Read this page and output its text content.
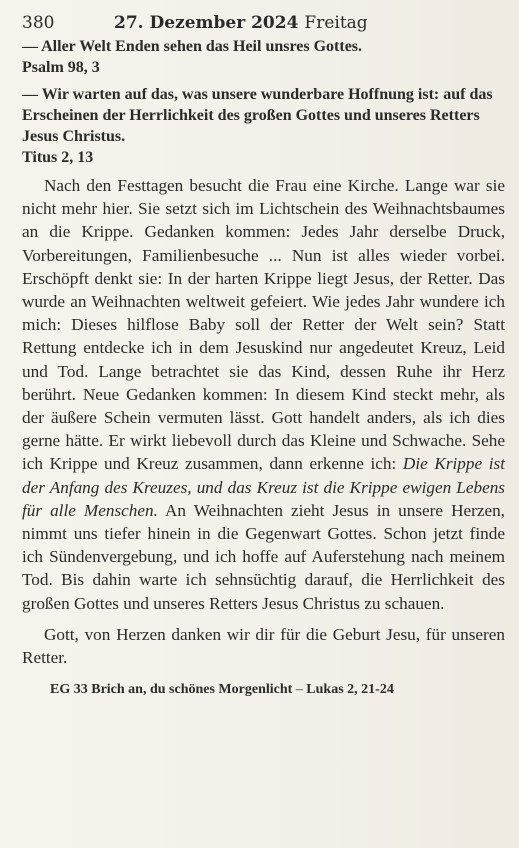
380	27. Dezember 2024 Freitag

— Aller Welt Enden sehen das Heil unsres Gottes.
Psalm 98, 3

— Wir warten auf das, was unsere wunderbare Hoffnung ist: auf das Erscheinen der Herrlichkeit des großen Gottes und unseres Retters Jesus Christus.
Titus 2, 13

Nach den Festtagen besucht die Frau eine Kirche. Lange war sie nicht mehr hier. Sie setzt sich im Lichtschein des Weihnachtsbaumes an die Krippe. Gedanken kommen: Jedes Jahr derselbe Druck, Vorbereitungen, Familienbesuche ... Nun ist alles wieder vorbei. Erschöpft denkt sie: In der harten Krippe liegt Jesus, der Retter. Das wurde an Weihnachten weltweit gefeiert. Wie jedes Jahr wundere ich mich: Dieses hilflose Baby soll der Retter der Welt sein? Statt Rettung entdecke ich in dem Jesuskind nur angedeutet Kreuz, Leid und Tod. Lange betrachtet sie das Kind, dessen Ruhe ihr Herz berührt. Neue Gedanken kommen: In diesem Kind steckt mehr, als der äußere Schein vermuten lässt. Gott handelt anders, als ich dies gerne hätte. Er wirkt liebevoll durch das Kleine und Schwache. Sehe ich Krippe und Kreuz zusammen, dann erkenne ich: Die Krippe ist der Anfang des Kreuzes, und das Kreuz ist die Krippe ewigen Lebens für alle Menschen. An Weihnachten zieht Jesus in unsere Herzen, nimmt uns tiefer hinein in die Gegenwart Gottes. Schon jetzt finde ich Sündenvergebung, und ich hoffe auf Auferstehung nach meinem Tod. Bis dahin warte ich sehnsüchtig darauf, die Herrlichkeit des großen Gottes und unseres Retters Jesus Christus zu schauen.

Gott, von Herzen danken wir dir für die Geburt Jesu, für unseren Retter.

EG 33 Brich an, du schönes Morgenlicht – Lukas 2, 21-24
